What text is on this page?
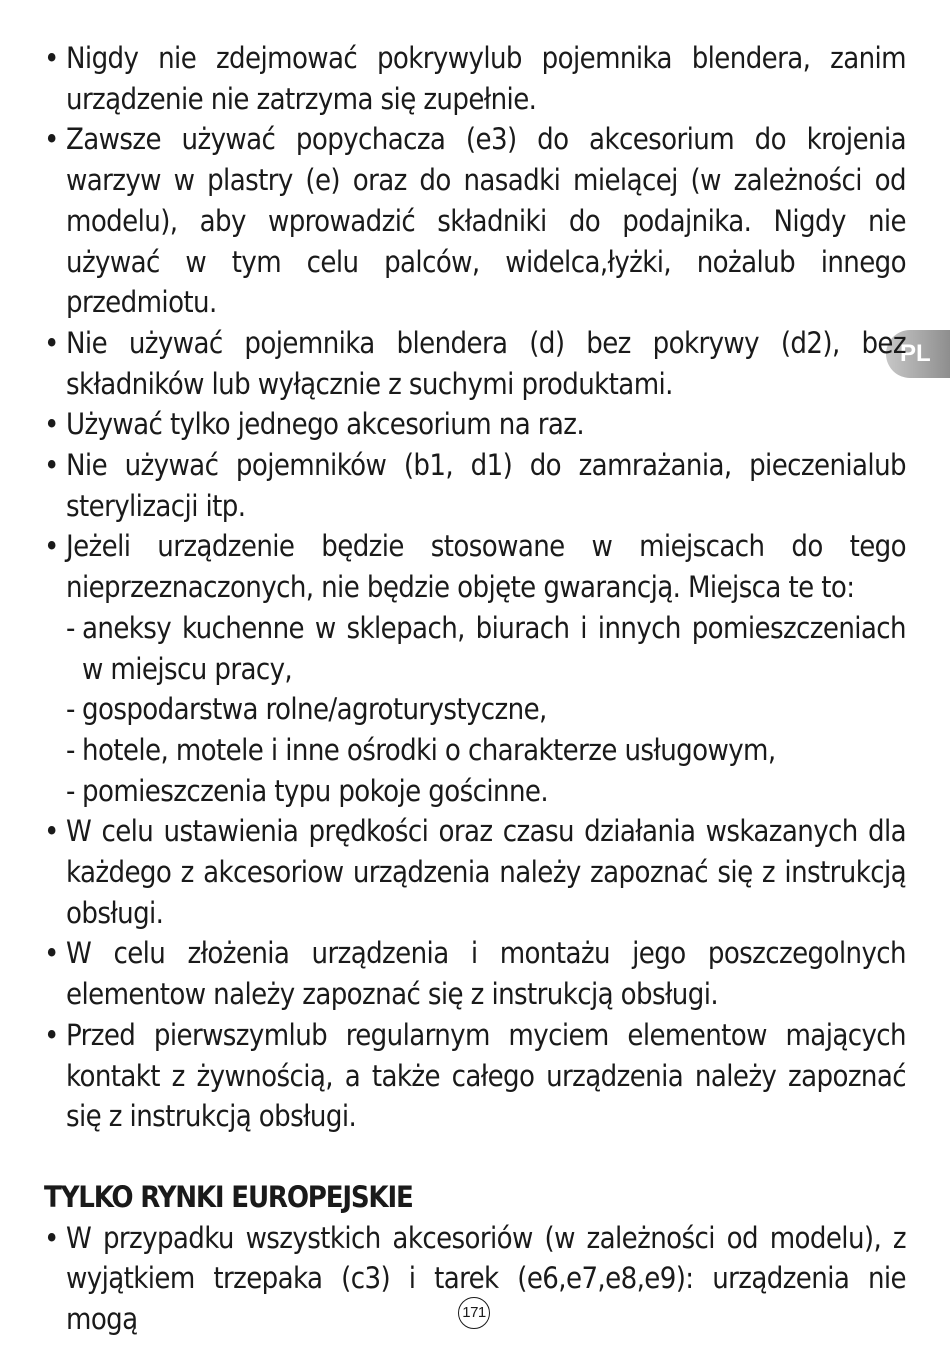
PL
• Nigdy nie zdejmować pokrywylub pojemnika blendera, zanim urządzenie nie zatrzyma się zupełnie.
• Zawsze używać popychacza (e3) do akcesorium do krojenia warzyw w plastry (e) oraz do nasadki mielącej (w zależności od modelu), aby wprowadzić składniki do podajnika. Nigdy nie używać w tym celu palców, widelca,łyżki, nożalub innego przedmiotu.
• Nie używać pojemnika blendera (d) bez pokrywy (d2), bez składników lub wyłącznie z suchymi produktami.
• Używać tylko jednego akcesorium na raz.
• Nie używać pojemników (b1, d1) do zamrażania, pieczenialub sterylizacji itp.
• Jeżeli urządzenie będzie stosowane w miejscach do tego nieprzeznaczonych, nie będzie objęte gwarancją. Miejsca te to:
- aneksy kuchenne w sklepach, biurach i innych pomieszczeniach w miejscu pracy,
- gospodarstwa rolne/agroturystyczne,
- hotele, motele i inne ośrodki o charakterze usługowym,
- pomieszczenia typu pokoje gościnne.
• W celu ustawienia prędkości oraz czasu działania wskazanych dla każdego z akcesoriow urządzenia należy zapoznać się z instrukcją obsługi.
• W celu złożenia urządzenia i montażu jego poszczegolnych elementow należy zapoznać się z instrukcją obsługi.
• Przed pierwszymlub regularnym myciem elementow mających kontakt z żywnością, a także całego urządzenia należy zapoznać się z instrukcją obsługi.
TYLKO RYNKI EUROPEJSKIE
• W przypadku wszystkich akcesoriów (w zależności od modelu), z wyjątkiem trzepaka (c3) i tarek (e6,e7,e8,e9): urządzenia nie mogą	171
